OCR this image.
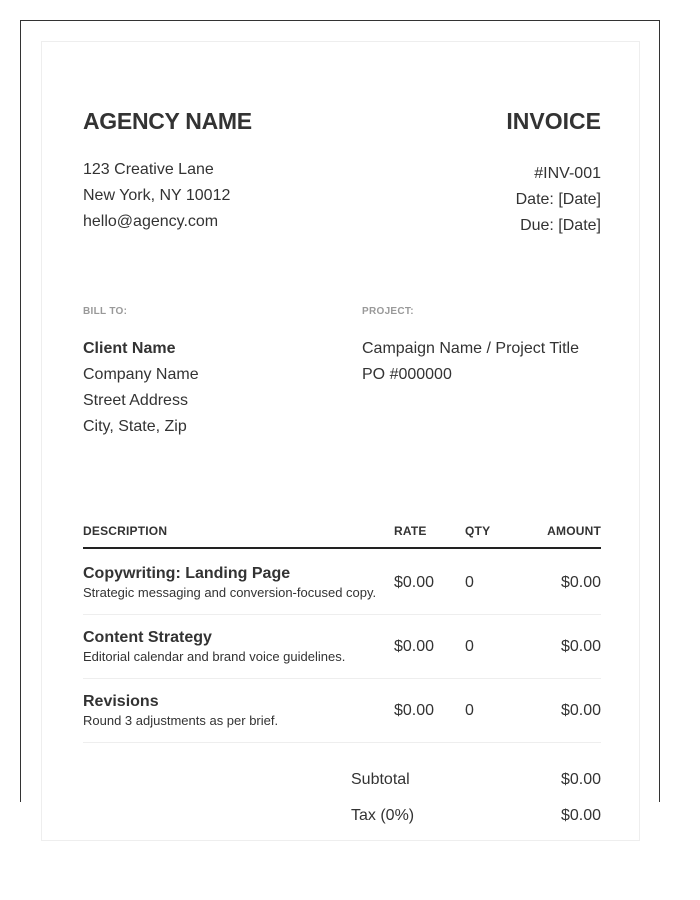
AGENCY NAME	INVOICE
123 Creative Lane
New York, NY 10012
hello@agency.com
#INV-001
Date: [Date]
Due: [Date]
BILL TO:	PROJECT:
Client Name
Company Name
Street Address
City, State, Zip
Campaign Name / Project Title
PO #000000
DESCRIPTION	RATE	QTY	AMOUNT
Copywriting: Landing Page
Strategic messaging and conversion-focused copy.
$0.00 0	$0.00
Content Strategy
Editorial calendar and brand voice guidelines.
$0.00 0	$0.00
Revisions
Round 3 adjustments as per brief.
$0.00 0	$0.00
Subtotal	$0.00
Tax (0%)	$0.00
